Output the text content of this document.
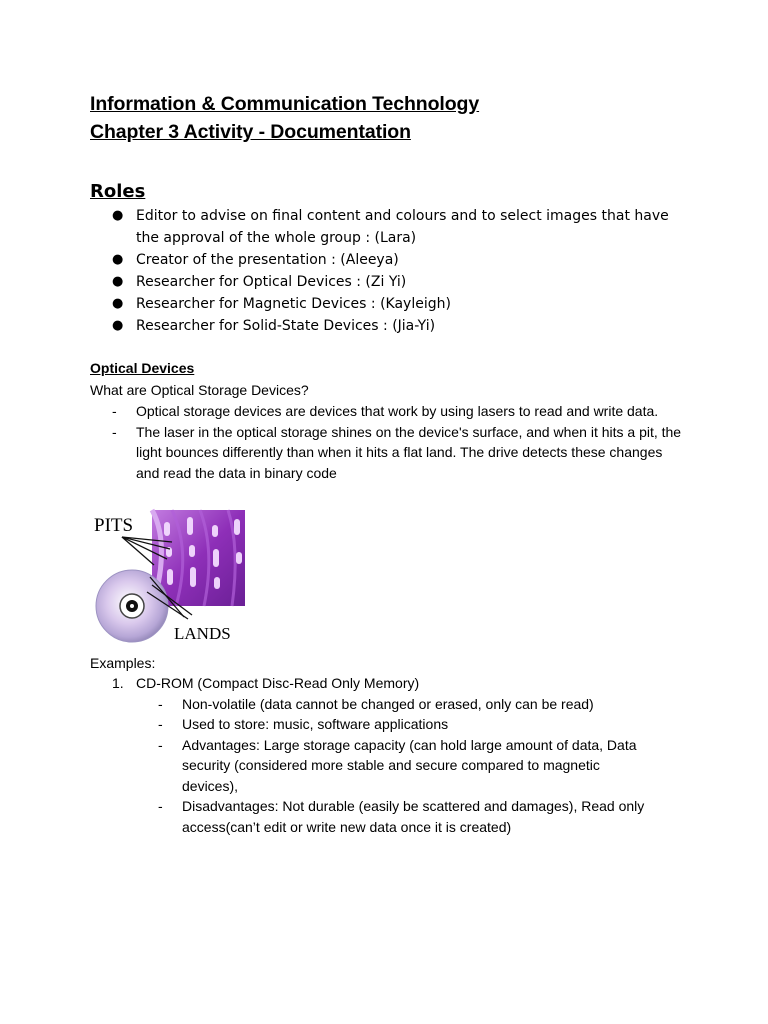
Information & Communication Technology
Chapter 3 Activity - Documentation
Roles
● Editor to advise on final content and colours and to select images that have the approval of the whole group : (Lara)
● Creator of the presentation : (Aleeya)
● Researcher for Optical Devices : (Zi Yi)
● Researcher for Magnetic Devices : (Kayleigh)
● Researcher for Solid-State Devices : (Jia-Yi)
Optical Devices
What are Optical Storage Devices?
- Optical storage devices are devices that work by using lasers to read and write data.
- The laser in the optical storage shines on the device's surface, and when it hits a pit, the light bounces differently than when it hits a flat land. The drive detects these changes and read the data in binary code
PITS
LANDS
Examples:
1. CD-ROM (Compact Disc-Read Only Memory)
- Non-volatile (data cannot be changed or erased, only can be read)
- Used to store: music, software applications
- Advantages: Large storage capacity (can hold large amount of data, Data security (considered more stable and secure compared to magnetic devices),
- Disadvantages: Not durable (easily be scattered and damages), Read only access(can’t edit or write new data once it is created)
